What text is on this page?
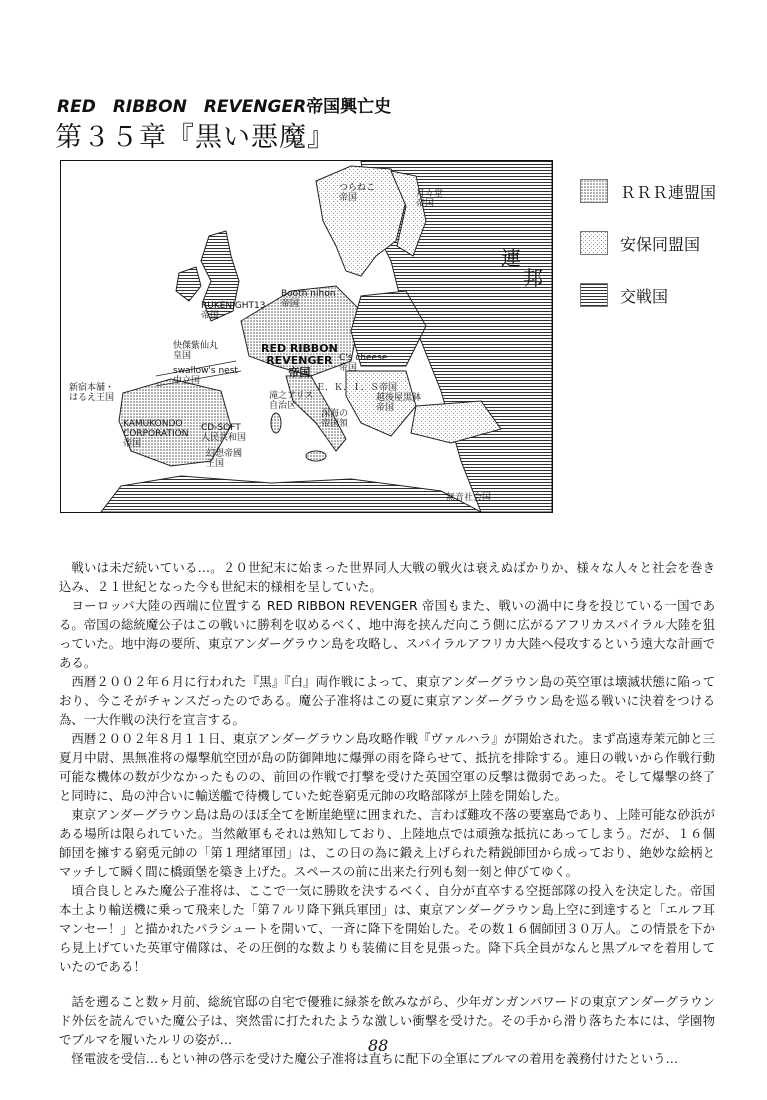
RED　RIBBON　REVENGER帝国興亡史
第３５章『黒い悪魔』
つらねこ
帝国	月々堂
帝国
連
邦
Booth nihon
帝国
RUKENIGHT13
帝国
快傑紫仙丸
皇国
RED RIBBON
REVENGER
帝国
C's cheese
帝国
swallow's nest
中立国
新宿本舗・
はるえ王国
Ｅ．Ｋ．Ｉ．Ｓ帝国
滝之アリス
自治区
深海の
帝国領
越後屋黒鉢
帝国
KAMUKONDO
CORPORATION
帝国
CD-SOFT
人民共和国
幻想帝國
王国
無音社会国
ＲＲＲ連盟国
安保同盟国
交戦国

戦いは未だ続いている…。２０世紀末に始まった世界同人大戦の戦火は衰えぬばかりか、様々な人々と社会を巻き込み、２１世紀となった今も世紀末的様相を呈していた。

ヨーロッパ大陸の西端に位置する RED RIBBON REVENGER 帝国もまた、戦いの渦中に身を投じている一国である。帝国の総統魔公子はこの戦いに勝利を収めるべく、地中海を挟んだ向こう側に広がるアフリカスパイラル大陸を狙っていた。地中海の要所、東京アンダーグラウン島を攻略し、スパイラルアフリカ大陸へ侵攻するという遠大な計画である。

西暦２００２年６月に行われた『黒』『白』両作戦によって、東京アンダーグラウン島の英空軍は壊滅状態に陥っており、今こそがチャンスだったのである。魔公子准将はこの夏に東京アンダーグラウン島を巡る戦いに決着をつける為、一大作戦の決行を宣言する。

西暦２００２年８月１１日、東京アンダーグラウン島攻略作戦『ヴァルハラ』が開始された。まず高遠寿茉元帥と三夏月中尉、黒無准将の爆撃航空団が島の防御陣地に爆弾の雨を降らせて、抵抗を排除する。連日の戦いから作戦行動可能な機体の数が少なかったものの、前回の作戦で打撃を受けた英国空軍の反撃は微弱であった。そして爆撃の終了と同時に、島の沖合いに輸送艦で待機していた蛇巻窮兎元帥の攻略部隊が上陸を開始した。

東京アンダーグラウン島は島のほぼ全てを断崖絶壁に囲まれた、言わば難攻不落の要塞島であり、上陸可能な砂浜がある場所は限られていた。当然敵軍もそれは熟知しており、上陸地点では頑強な抵抗にあってしまう。だが、１６個師団を擁する窮兎元帥の「第１理緒軍団」は、この日の為に鍛え上げられた精鋭師団から成っており、絶妙な絵柄とマッチして瞬く間に橋頭堡を築き上げた。スペースの前に出来た行列も刻一刻と伸びてゆく。

頃合良しとみた魔公子准将は、ここで一気に勝敗を決するべく、自分が直卒する空挺部隊の投入を決定した。帝国本土より輸送機に乗って飛来した「第７ルリ降下猟兵軍団」は、東京アンダーグラウン島上空に到達すると「エルフ耳マンセー！」と描かれたパラシュートを開いて、一斉に降下を開始した。その数１６個師団３０万人。この情景を下から見上げていた英軍守備隊は、その圧倒的な数よりも装備に目を見張った。降下兵全員がなんと黒ブルマを着用していたのである！

話を遡ること数ヶ月前、総統官邸の自宅で優雅に緑茶を飲みながら、少年ガンガンパワードの東京アンダーグラウンド外伝を読んでいた魔公子は、突然雷に打たれたような激しい衝撃を受けた。その手から滑り落ちた本には、学園物でブルマを履いたルリの姿が…

怪電波を受信…もとい神の啓示を受けた魔公子准将は直ちに配下の全軍にブルマの着用を義務付けたという…

88
